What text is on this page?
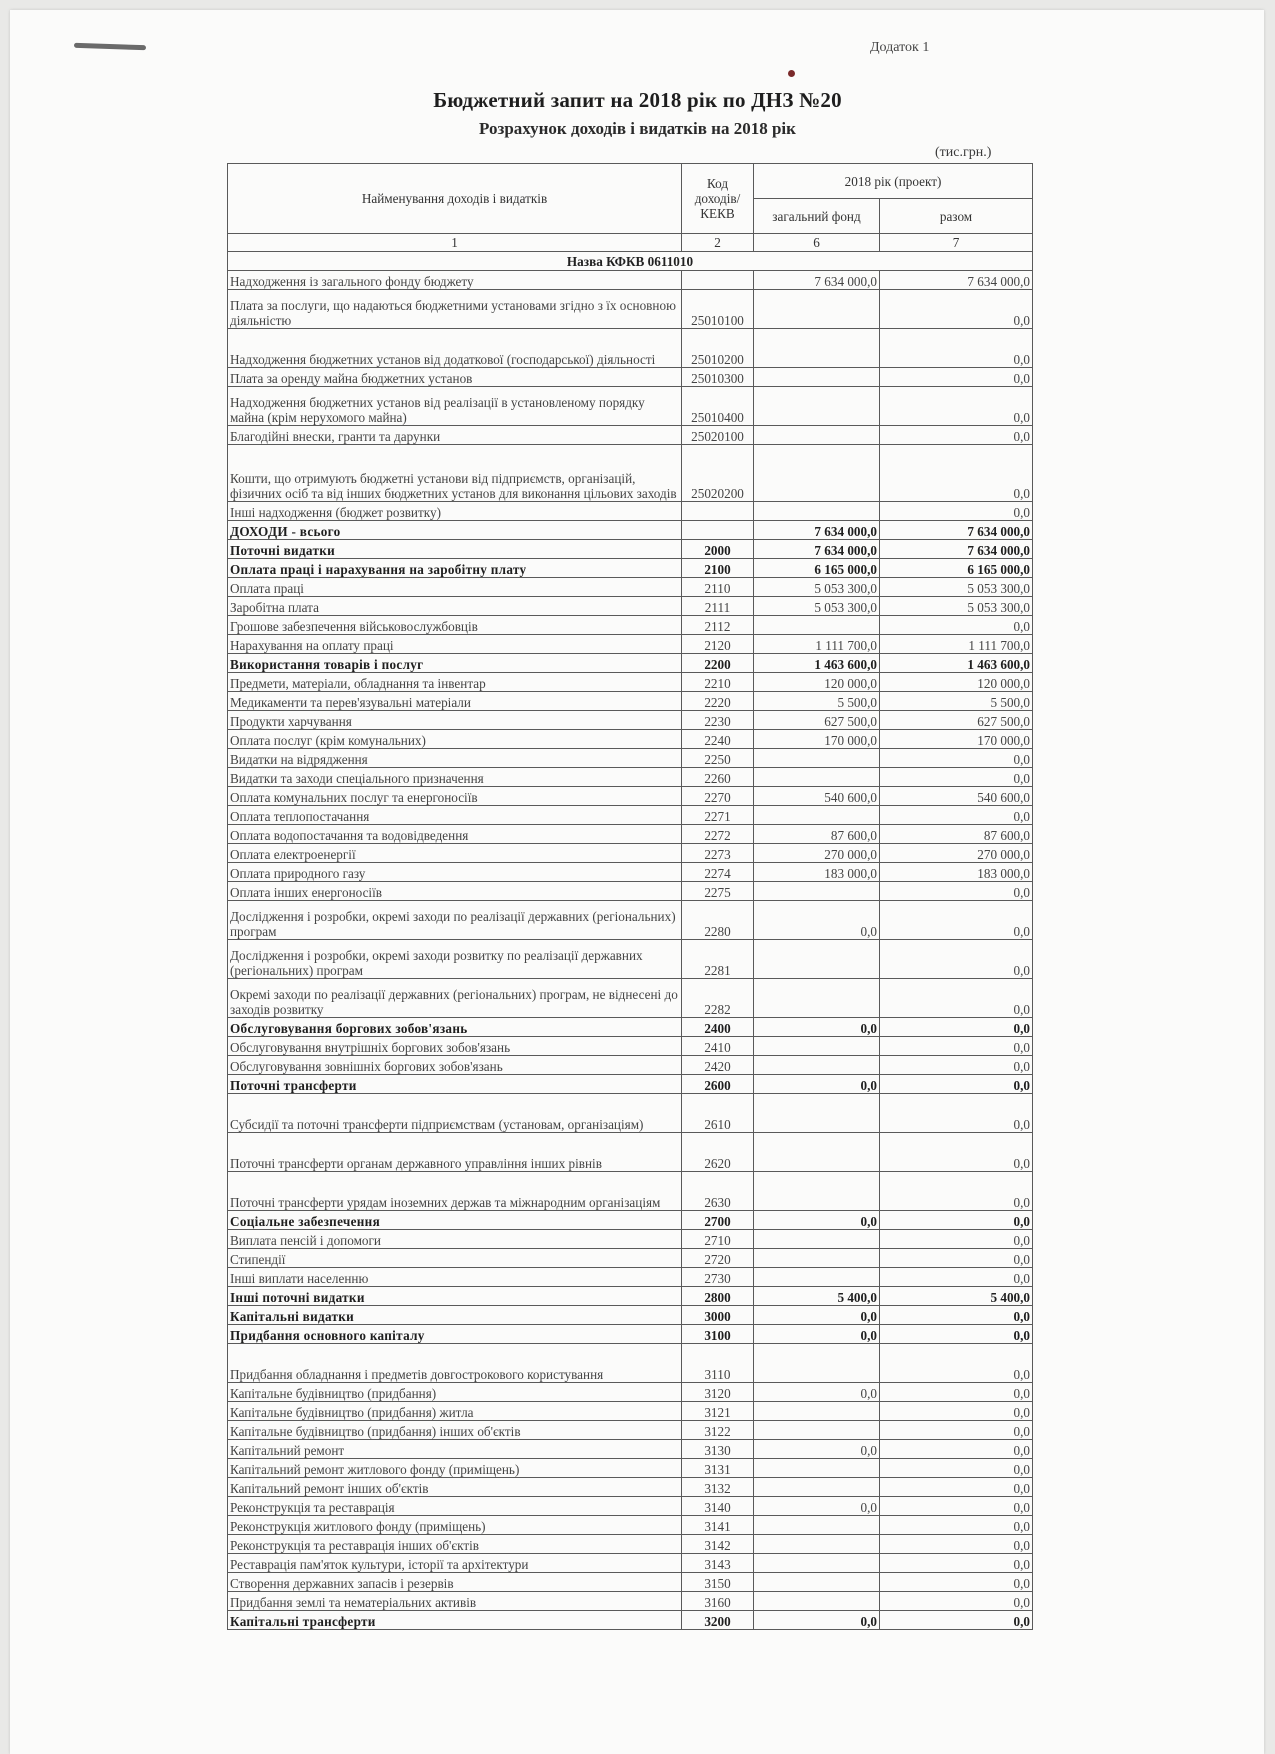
Додаток 1
Бюджетний запит на 2018 рік по ДНЗ №20
Розрахунок доходів і видатків на 2018 рік
(тис.грн.)
Найменування доходів і видатків	Код доходів/ КЕКВ	2018 рік (проект)	
		загальний фонд	разом
1	2	6	7
Назва КФКВ 0611010			
Надходження із загального фонду бюджету		7 634 000,0	7 634 000,0
Плата за послуги, що надаються бюджетними установами згідно з їх основною діяльністю	25010100		0,0
Надходження бюджетних установ від додаткової (господарської) діяльності	25010200		0,0
Плата за оренду майна бюджетних установ	25010300		0,0
Надходження бюджетних установ від реалізації в установленому порядку майна (крім нерухомого майна)	25010400		0,0
Благодійні внески, гранти та дарунки	25020100		0,0
Кошти, що отримують бюджетні установи від підприємств, організацій, фізичних осіб та від інших бюджетних установ для виконання цільових заходів	25020200		0,0
Інші надходження (бюджет розвитку)			0,0
ДОХОДИ - всього		7 634 000,0	7 634 000,0
Поточні видатки	2000	7 634 000,0	7 634 000,0
Оплата праці і нарахування на заробітну плату	2100	6 165 000,0	6 165 000,0
Оплата праці	2110	5 053 300,0	5 053 300,0
Заробітна плата	2111	5 053 300,0	5 053 300,0
Грошове забезпечення військовослужбовців	2112		0,0
Нарахування на оплату праці	2120	1 111 700,0	1 111 700,0
Використання товарів і послуг	2200	1 463 600,0	1 463 600,0
Предмети, матеріали, обладнання та інвентар	2210	120 000,0	120 000,0
Медикаменти та перев'язувальні матеріали	2220	5 500,0	5 500,0
Продукти харчування	2230	627 500,0	627 500,0
Оплата послуг (крім комунальних)	2240	170 000,0	170 000,0
Видатки на відрядження	2250		0,0
Видатки та заходи спеціального призначення	2260		0,0
Оплата комунальних послуг та енергоносіїв	2270	540 600,0	540 600,0
Оплата теплопостачання	2271		0,0
Оплата водопостачання та водовідведення	2272	87 600,0	87 600,0
Оплата електроенергії	2273	270 000,0	270 000,0
Оплата природного газу	2274	183 000,0	183 000,0
Оплата інших енергоносіїв	2275		0,0
Дослідження і розробки, окремі заходи по реалізації державних (регіональних) програм	2280	0,0	0,0
Дослідження і розробки, окремі заходи розвитку по реалізації державних (регіональних) програм	2281		0,0
Окремі заходи по реалізації державних (регіональних) програм, не віднесені до заходів розвитку	2282		0,0
Обслуговування боргових зобов'язань	2400	0,0	0,0
Обслуговування внутрішніх боргових зобов'язань	2410		0,0
Обслуговування зовнішніх боргових зобов'язань	2420		0,0
Поточні трансферти	2600	0,0	0,0
Субсидії та поточні трансферти підприємствам (установам, організаціям)	2610		0,0
Поточні трансферти органам державного управління інших рівнів	2620		0,0
Поточні трансферти урядам іноземних держав та міжнародним організаціям	2630		0,0
Соціальне забезпечення	2700	0,0	0,0
Виплата пенсій і допомоги	2710		0,0
Стипендії	2720		0,0
Інші виплати населенню	2730		0,0
Інші поточні видатки	2800	5 400,0	5 400,0
Капітальні видатки	3000	0,0	0,0
Придбання основного капіталу	3100	0,0	0,0
Придбання обладнання і предметів довгострокового користування	3110		0,0
Капітальне будівництво (придбання)	3120	0,0	0,0
Капітальне будівництво (придбання) житла	3121		0,0
Капітальне будівництво (придбання) інших об'єктів	3122		0,0
Капітальний ремонт	3130	0,0	0,0
Капітальний ремонт житлового фонду (приміщень)	3131		0,0
Капітальний ремонт інших об'єктів	3132		0,0
Реконструкція та реставрація	3140	0,0	0,0
Реконструкція житлового фонду (приміщень)	3141		0,0
Реконструкція та реставрація інших об'єктів	3142		0,0
Реставрація пам'яток культури, історії та архітектури	3143		0,0
Створення державних запасів і резервів	3150		0,0
Придбання землі та нематеріальних активів	3160		0,0
Капітальні трансферти	3200	0,0	0,0
